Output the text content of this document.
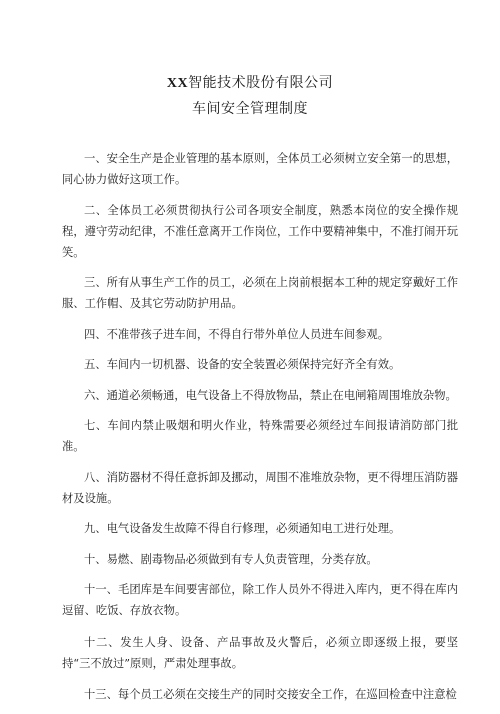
XX智能技术股份有限公司
车间安全管理制度

一、安全生产是企业管理的基本原则，全体员工必须树立安全第一的思想，同心协力做好这项工作。

二、全体员工必须贯彻执行公司各项安全制度，熟悉本岗位的安全操作规程，遵守劳动纪律，不准任意离开工作岗位，工作中要精神集中，不准打闹开玩笑。

三、所有从事生产工作的员工，必须在上岗前根据本工种的规定穿戴好工作服、工作帽、及其它劳动防护用品。

四、不准带孩子进车间，不得自行带外单位人员进车间参观。

五、车间内一切机器、设备的安全装置必须保持完好齐全有效。

六、通道必须畅通，电气设备上不得放物品，禁止在电闸箱周围堆放杂物。

七、车间内禁止吸烟和明火作业，特殊需要必须经过车间报请消防部门批准。

八、消防器材不得任意拆卸及挪动，周围不准堆放杂物，更不得埋压消防器材及设施。

九、电气设备发生故障不得自行修理，必须通知电工进行处理。

十、易燃、剧毒物品必须做到有专人负责管理，分类存放。

十一、毛团库是车间要害部位，除工作人员外不得进入库内，更不得在库内逗留、吃饭、存放衣物。

十二、发生人身、设备、产品事故及火警后，必须立即逐级上报，要坚持“三不放过”原则，严肃处理事故。

十三、每个员工必须在交接生产的同时交接安全工作，在巡回检查中注意检
